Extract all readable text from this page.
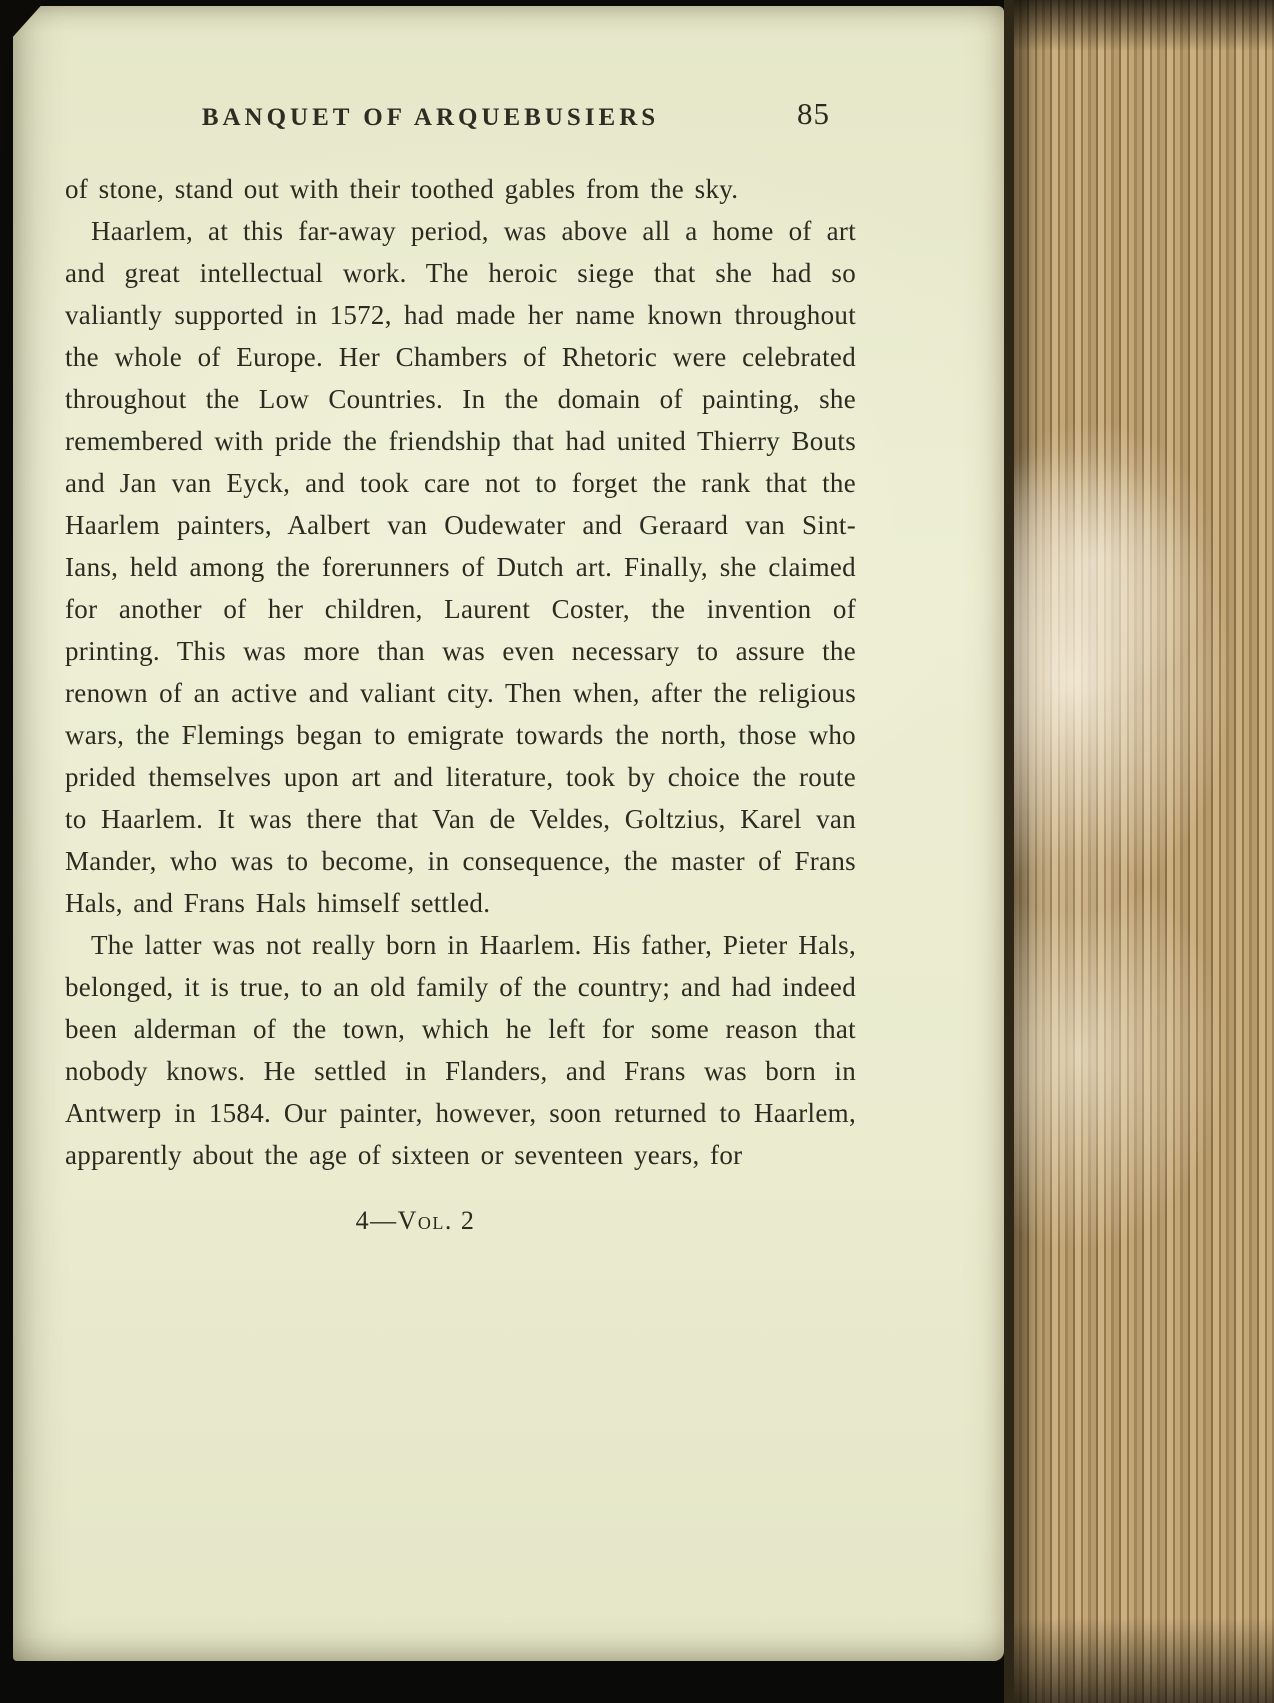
BANQUET OF ARQUEBUSIERS	85

of stone, stand out with their toothed gables from the sky.

Haarlem, at this far-away period, was above all a home of art and great intellectual work. The heroic siege that she had so valiantly supported in 1572, had made her name known throughout the whole of Europe. Her Chambers of Rhetoric were celebrated throughout the Low Countries. In the domain of painting, she remembered with pride the friendship that had united Thierry Bouts and Jan van Eyck, and took care not to forget the rank that the Haarlem painters, Aalbert van Oudewater and Geraard van Sint-Ians, held among the forerunners of Dutch art. Finally, she claimed for another of her children, Laurent Coster, the invention of printing. This was more than was even necessary to assure the renown of an active and valiant city. Then when, after the religious wars, the Flemings began to emigrate towards the north, those who prided themselves upon art and literature, took by choice the route to Haarlem. It was there that Van de Veldes, Goltzius, Karel van Mander, who was to become, in consequence, the master of Frans Hals, and Frans Hals himself settled.

The latter was not really born in Haarlem. His father, Pieter Hals, belonged, it is true, to an old family of the country; and had indeed been alderman of the town, which he left for some reason that nobody knows. He settled in Flanders, and Frans was born in Antwerp in 1584. Our painter, however, soon returned to Haarlem, apparently about the age of sixteen or seventeen years, for

4—Vol. 2
